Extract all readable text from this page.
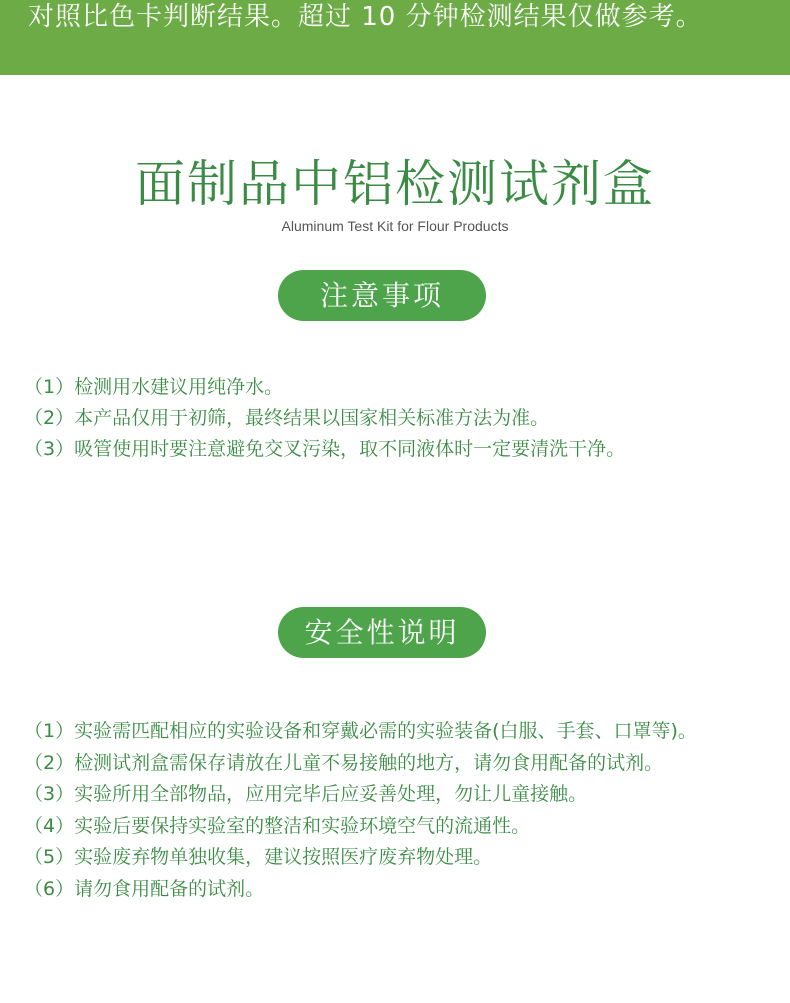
对照比色卡判断结果。超过 10 分钟检测结果仅做参考。
面制品中铝检测试剂盒
Aluminum Test Kit for Flour Products
注意事项
（1）检测用水建议用纯净水。
（2）本产品仅用于初筛，最终结果以国家相关标准方法为准。
（3）吸管使用时要注意避免交叉污染，取不同液体时一定要清洗干净。
安全性说明
（1）实验需匹配相应的实验设备和穿戴必需的实验装备(白服、手套、口罩等)。
（2）检测试剂盒需保存请放在儿童不易接触的地方，请勿食用配备的试剂。
（3）实验所用全部物品，应用完毕后应妥善处理，勿让儿童接触。
（4）实验后要保持实验室的整洁和实验环境空气的流通性。
（5）实验废弃物单独收集，建议按照医疗废弃物处理。
（6）请勿食用配备的试剂。
